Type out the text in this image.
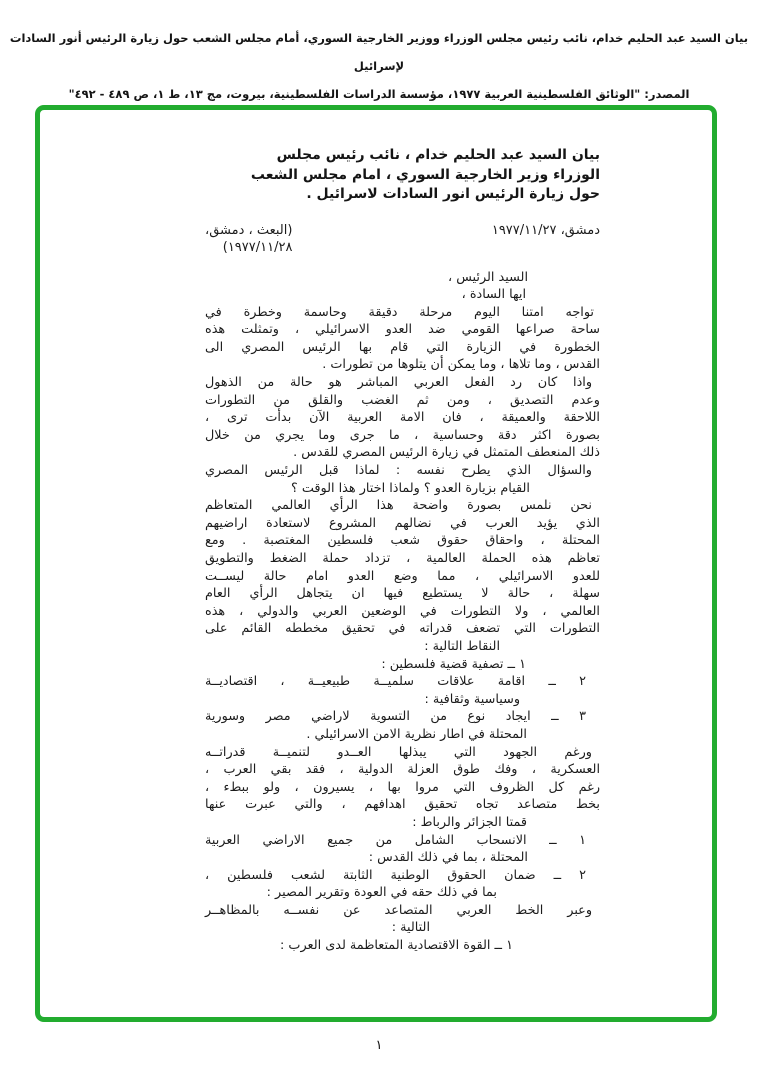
بيان السيد عبد الحليم خدام، نائب رئيس مجلس الوزراء ووزير الخارجية السوري، أمام مجلس الشعب حول زيارة الرئيس أنور السادات لإسرائيل
المصدر: "الوثائق الفلسطينية العربية ١٩٧٧، مؤسسة الدراسات الفلسطينية، بيروت، مج ١٣، ط ١، ص ٤٨٩ - ٤٩٢"
بيان السيد عبد الحليم خدام ، نائب رئيس مجلس
الوزراء وزير الخارجية السوري ، امام مجلس الشعب
حول زيارة الرئيس انور السادات لاسرائيل .
دمشق، ١٩٧٧/١١/٢٧
(البعث ، دمشق،
١٩٧٧/١١/٢٨)
السيد الرئيس ،
ايها السادة ،
تواجه امتنا اليوم مرحلة دقيقة وحاسمة وخطرة في
ساحة صراعها القومي ضد العدو الاسرائيلي ، وتمثلت هذه
الخطورة في الزيارة التي قام بها الرئيس المصري الى
القدس ، وما تلاها ، وما يمكن أن يتلوها من تطورات .
واذا كان رد الفعل العربي المباشر هو حالة من الذهول
وعدم التصديق ، ومن ثم الغضب والقلق من التطورات
اللاحقة والعميقة ، فان الامة العربية الآن بدأت ترى ،
بصورة اكثر دقة وحساسية ، ما جرى وما يجري من خلال
ذلك المنعطف المتمثل في زيارة الرئيس المصري للقدس .
والسؤال الذي يطرح نفسه : لماذا قبل الرئيس المصري
القيام بزيارة العدو ؟ ولماذا اختار هذا الوقت ؟
نحن نلمس بصورة واضحة هذا الرأي العالمي المتعاظم
الذي يؤيد العرب في نضالهم المشروع لاستعادة اراضيهم
المحتلة ، واحقاق حقوق شعب فلسطين المغتصبة . ومع
تعاظم هذه الحملة العالمية ، تزداد حملة الضغط والتطويق
للعدو الاسرائيلي ، مما وضع العدو امام حالة ليســت
سهلة ، حالة لا يستطيع فيها ان يتجاهل الرأي العام
العالمي ، ولا التطورات في الوضعين العربي والدولي ، هذه
التطورات التي تضعف قدراته في تحقيق مخططه القائم على
النقاط التالية :
١ ــ تصفية قضية فلسطين :
٢ ــ اقامة علاقات سلميــة طبيعيــة ، اقتصاديــة
وسياسية وثقافية :
٣ ــ ايجاد نوع من التسوية لاراضي مصر وسورية
المحتلة في اطار نظرية الامن الاسرائيلي .
ورغم الجهود التي يبذلها العــدو لتنميــة قدراتــه
العسكرية ، وفك طوق العزلة الدولية ، فقد بقي العرب ،
رغم كل الظروف التي مروا بها ، يسيرون ، ولو ببطء ،
بخط متصاعد تجاه تحقيق اهدافهم ، والتي عبرت عنها
قمتا الجزائر والرباط :
١ ــ الانسحاب الشامل من جميع الاراضي العربية
المحتلة ، بما في ذلك القدس :
٢ ــ ضمان الحقوق الوطنية الثابتة لشعب فلسطين ،
بما في ذلك حقه في العودة وتقرير المصير :
وعبر الخط العربي المتصاعد عن نفســه بالمظاهــر
التالية :
١ ــ القوة الاقتصادية المتعاظمة لدى العرب :
١
